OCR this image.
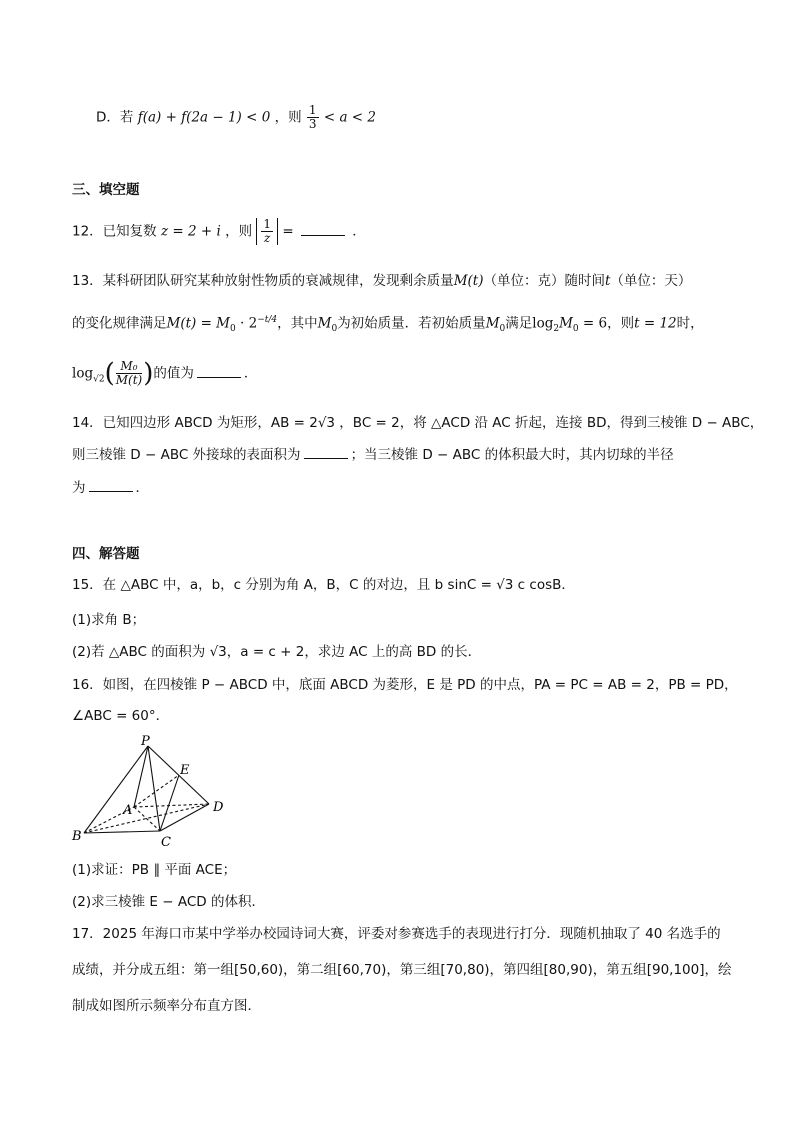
D．若 f(a) + f(2a − 1) < 0 ，则 $\frac{1}{3} < a < 2$
三、填空题
12．已知复数 z = 2 + i ，则 $\frac{1}{z}$ =	．
13．某科研团队研究某种放射性物质的衰减规律，发现剩余质量M(t)（单位：克）随时间t（单位：天）
的变化规律满足$M(t) = M_0 \cdot 2^{-t/4}$，其中$M_0$为初始质量．若初始质量$M_0$满足$\log_2M_0 = 6$，则t = 12时，
$\log_{√2}( \frac{\text{M₀}}{M(t)}$ )的值为	．
14．已知四边形 ABCD 为矩形，AB = 2√3 ，BC = 2，将 △ACD 沿 AC 折起，连接 BD，得到三棱锥 D − ABC，
则三棱锥 D − ABC 外接球的表面积为	；当三棱锥 D − ABC 的体积最大时，其内切球的半径
为	．
四、解答题
15．在 △ABC 中，a，b，c 分别为角 A，B，C 的对边，且 b sinC = √3 c cosB．
(1)求角 B；
(2)若 △ABC 的面积为 √3，a = c + 2，求边 AC 上的高 BD 的长．
16．如图，在四棱锥 P − ABCD 中，底面 ABCD 为菱形，E 是 PD 的中点，PA = PC = AB = 2，PB = PD，
∠ABC = 60°．
P
E
A	D
B	C
(1)求证：PB ∥ 平面 ACE；
(2)求三棱锥 E − ACD 的体积．
17．2025 年海口市某中学举办校园诗词大赛，评委对参赛选手的表现进行打分．现随机抽取了 40 名选手的
成绩，并分成五组：第一组[50,60)，第二组[60,70)，第三组[70,80)，第四组[80,90)，第五组[90,100]，绘
制成如图所示频率分布直方图．
